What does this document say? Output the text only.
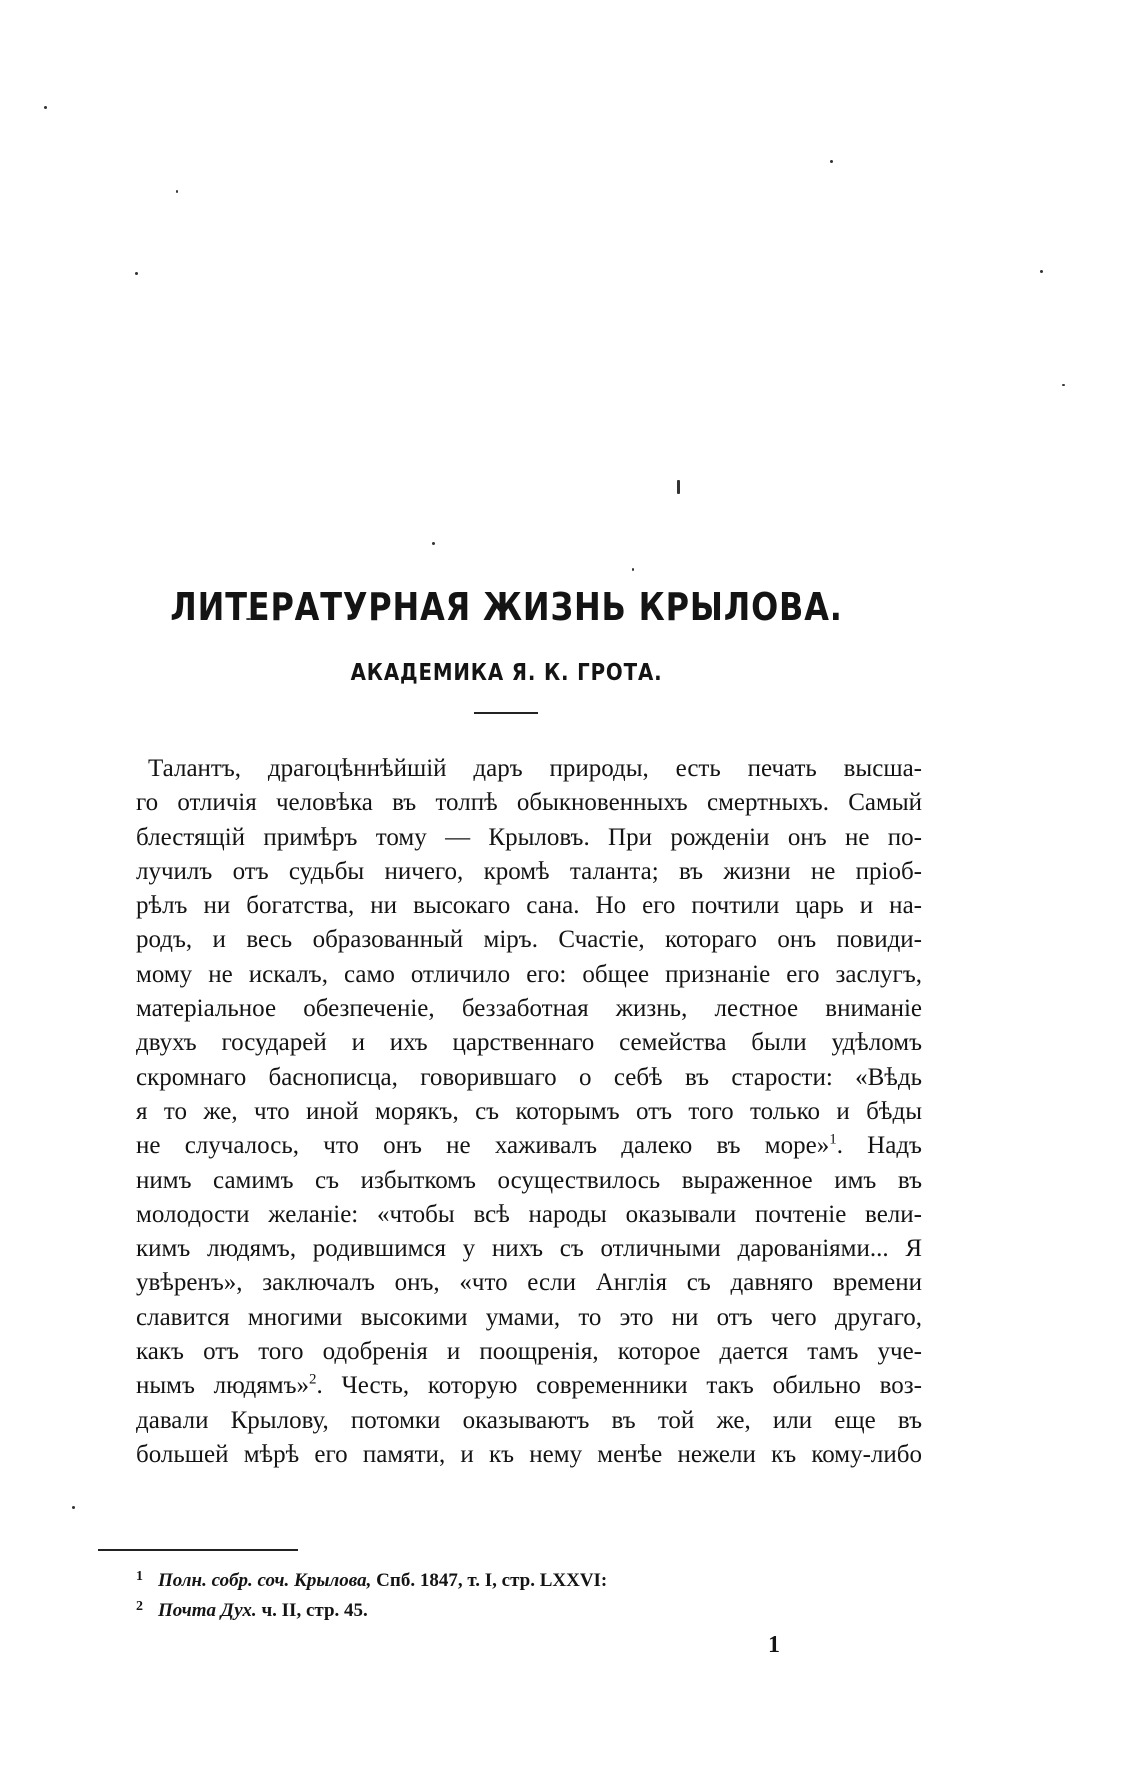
ЛИТЕРАТУРНАЯ ЖИЗНЬ КРЫЛОВА.
АКАДЕМИКА Я. К. ГРОТА.
Талантъ, драгоцѣннѣйшій даръ природы, есть печать высша-
го отличія человѣка въ толпѣ обыкновенныхъ смертныхъ. Самый
блестящій примѣръ тому — Крыловъ. При рожденіи онъ не по-
лучилъ отъ судьбы ничего, кромѣ таланта; въ жизни не пріоб-
рѣлъ ни богатства, ни высокаго сана. Но его почтили царь и на-
родъ, и весь образованный міръ. Счастіе, котораго онъ повиди-
мому не искалъ, само отличило его: общее признаніе его заслугъ,
матеріальное обезпеченіе, беззаботная жизнь, лестное вниманіе
двухъ государей и ихъ царственнаго семейства были удѣломъ
скромнаго баснописца, говорившаго о себѣ въ старости: «Вѣдь
я то же, что иной морякъ, съ которымъ отъ того только и бѣды
не случалось, что онъ не хаживалъ далеко въ море»$^1$. Надъ
нимъ самимъ съ избыткомъ осуществилось выраженное имъ въ
молодости желаніе: «чтобы всѣ народы оказывали почтеніе вели-
кимъ людямъ, родившимся у нихъ съ отличными дарованіями... Я
увѣренъ», заключалъ онъ, «что если Англія съ давняго времени
славится многими высокими умами, то это ни отъ чего другаго,
какъ отъ того одобренія и поощренія, которое дается тамъ уче-
нымъ людямъ»$^2$. Честь, которую современники такъ обильно воз-
давали Крылову, потомки оказываютъ въ той же, или еще въ
большей мѣрѣ его памяти, и къ нему менѣе нежели къ кому-либо
1 Полн. собр. соч. Крылова, Спб. 1847, т. I, стр. LXXVI:
2 Почта Дух. ч. II, стр. 45.
1
